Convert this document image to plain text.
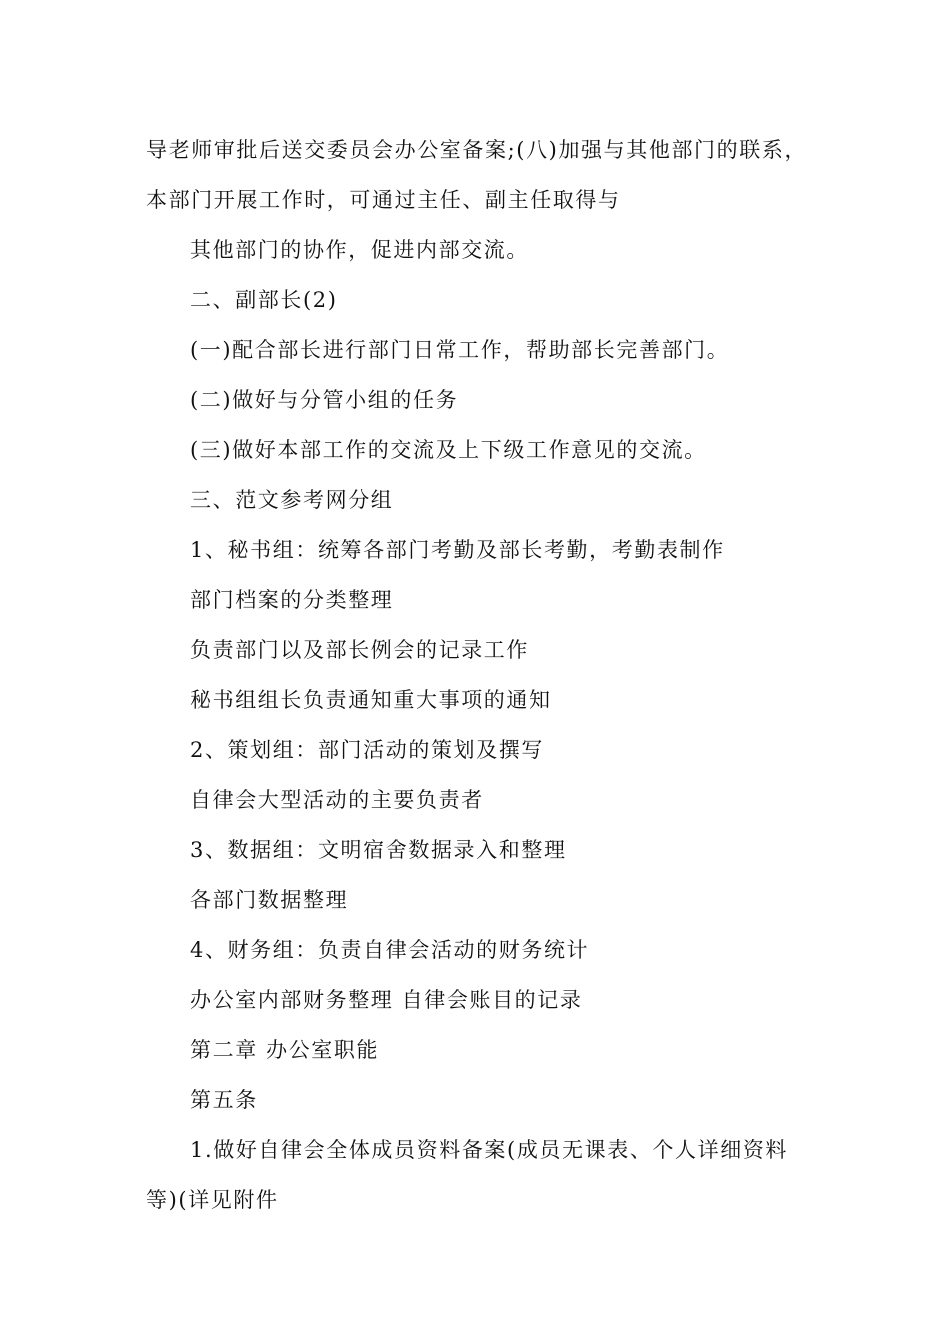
导老师审批后送交委员会办公室备案;(八)加强与其他部门的联系，
本部门开展工作时，可通过主任、副主任取得与
其他部门的协作，促进内部交流。
二、副部长(2)
(一)配合部长进行部门日常工作，帮助部长完善部门。
(二)做好与分管小组的任务
(三)做好本部工作的交流及上下级工作意见的交流。
三、范文参考网分组
1、秘书组：统筹各部门考勤及部长考勤，考勤表制作
部门档案的分类整理
负责部门以及部长例会的记录工作
秘书组组长负责通知重大事项的通知
2、策划组：部门活动的策划及撰写
自律会大型活动的主要负责者
3、数据组：文明宿舍数据录入和整理
各部门数据整理
4、财务组：负责自律会活动的财务统计
办公室内部财务整理 自律会账目的记录
第二章 办公室职能
第五条
1.做好自律会全体成员资料备案(成员无课表、个人详细资料
等)(详见附件
